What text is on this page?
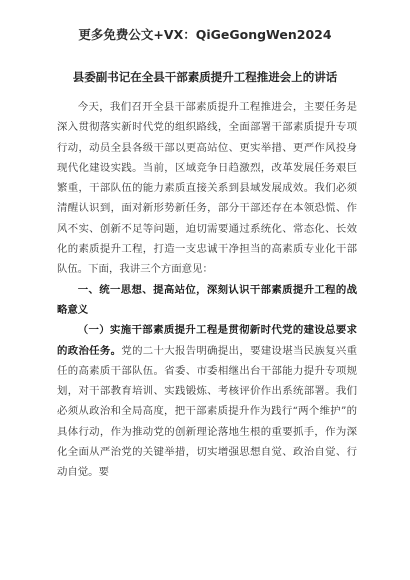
更多免费公文+VX：QiGeGongWen2024
县委副书记在全县干部素质提升工程推进会上的讲话

今天，我们召开全县干部素质提升工程推进会，主要任务是深入贯彻落实新时代党的组织路线，全面部署干部素质提升专项行动，动员全县各级干部以更高站位、更实举措、更严作风投身现代化建设实践。当前，区域竞争日趋激烈，改革发展任务艰巨繁重，干部队伍的能力素质直接关系到县域发展成效。我们必须清醒认识到，面对新形势新任务，部分干部还存在本领恐慌、作风不实、创新不足等问题，迫切需要通过系统化、常态化、长效化的素质提升工程，打造一支忠诚干净担当的高素质专业化干部队伍。下面，我讲三个方面意见：

一、统一思想、提高站位，深刻认识干部素质提升工程的战略意义

（一）实施干部素质提升工程是贯彻新时代党的建设总要求的政治任务。党的二十大报告明确提出，要建设堪当民族复兴重任的高素质干部队伍。省委、市委相继出台干部能力提升专项规划，对干部教育培训、实践锻炼、考核评价作出系统部署。我们必须从政治和全局高度，把干部素质提升作为践行“两个维护”的具体行动，作为推动党的创新理论落地生根的重要抓手，作为深化全面从严治党的关键举措，切实增强思想自觉、政治自觉、行动自觉。要
